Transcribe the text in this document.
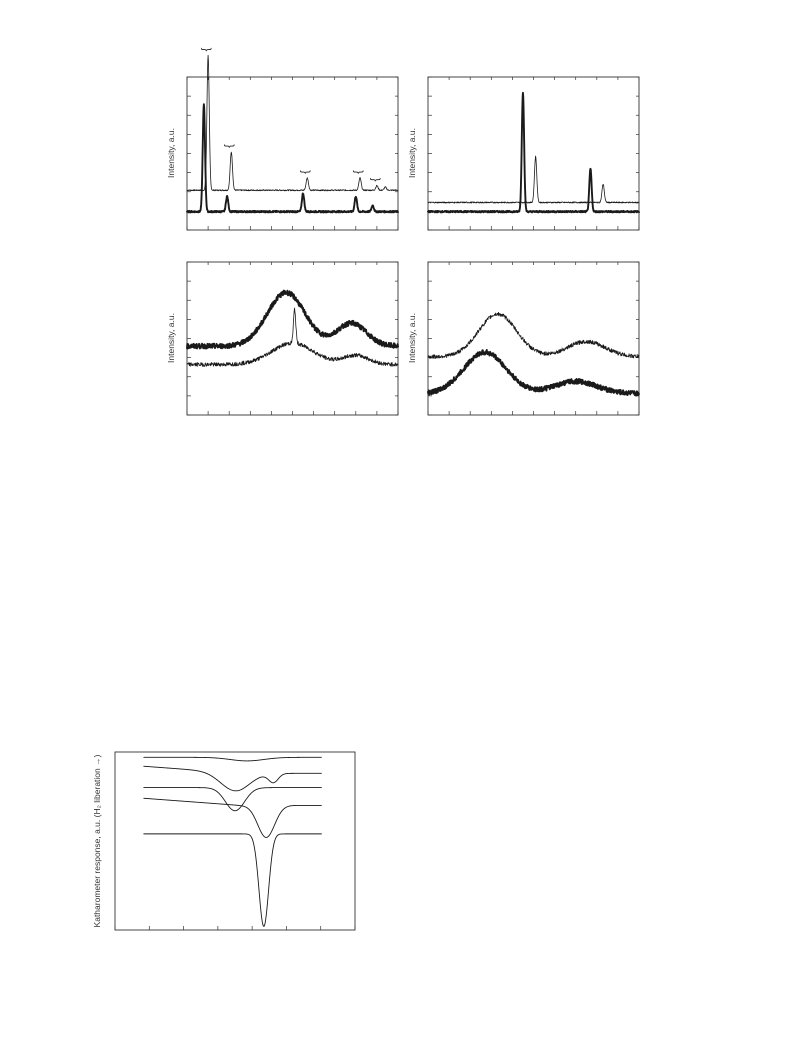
Intensity, a.u.
{
{
{	{
{
Intensity, a.u.
Intensity, a.u.	Intensity, a.u.
Katharometer response, a.u. (H₂ liberation →)
